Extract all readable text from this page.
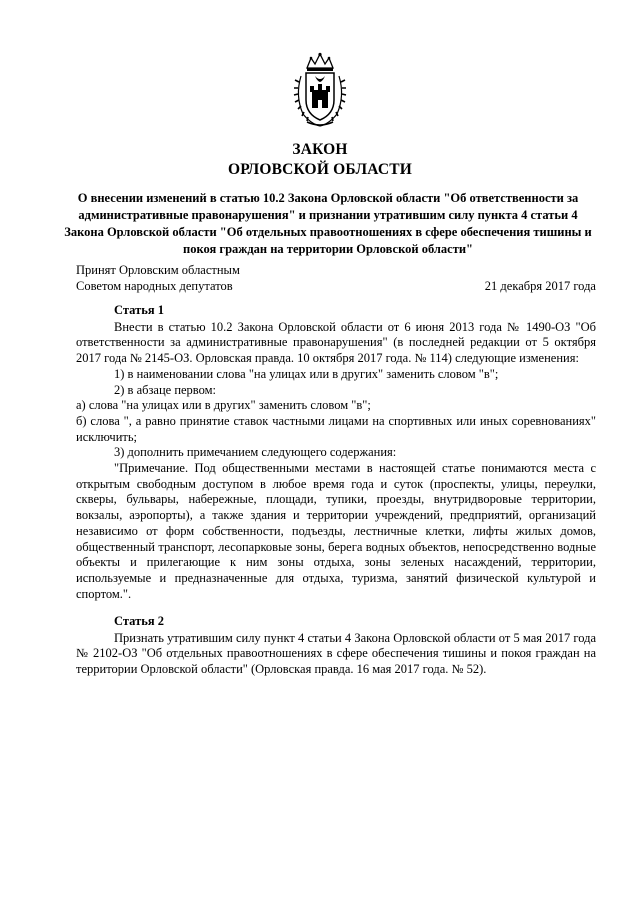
ЗАКОН
ОРЛОВСКОЙ ОБЛАСТИ
О внесении изменений в статью 10.2 Закона Орловской области "Об ответственности за административные правонарушения" и признании утратившим силу пункта 4 статьи 4 Закона Орловской области "Об отдельных правоотношениях в сфере обеспечения тишины и покоя граждан на территории Орловской области"
Принят Орловским областным
Советом народных депутатов	21 декабря 2017 года
Статья 1

Внести в статью 10.2 Закона Орловской области от 6 июня 2013 года № 1490-ОЗ "Об ответственности за административные правонарушения" (в последней редакции от 5 октября 2017 года № 2145-ОЗ. Орловская правда. 10 октября 2017 года. № 114) следующие изменения:

1) в наименовании слова "на улицах или в других" заменить словом "в";

2) в абзаце первом:

а) слова "на улицах или в других" заменить словом "в";

б) слова ", а равно принятие ставок частными лицами на спортивных или иных соревнованиях" исключить;

3) дополнить примечанием следующего содержания:

"Примечание. Под общественными местами в настоящей статье понимаются места с открытым свободным доступом в любое время года и суток (проспекты, улицы, переулки, скверы, бульвары, набережные, площади, тупики, проезды, внутридворовые территории, вокзалы, аэропорты), а также здания и территории учреждений, предприятий, организаций независимо от форм собственности, подъезды, лестничные клетки, лифты жилых домов, общественный транспорт, лесопарковые зоны, берега водных объектов, непосредственно водные объекты и прилегающие к ним зоны отдыха, зоны зеленых насаждений, территории, используемые и предназначенные для отдыха, туризма, занятий физической культурой и спортом.".

Статья 2

Признать утратившим силу пункт 4 статьи 4 Закона Орловской области от 5 мая 2017 года № 2102-ОЗ "Об отдельных правоотношениях в сфере обеспечения тишины и покоя граждан на территории Орловской области" (Орловская правда. 16 мая 2017 года. № 52).
